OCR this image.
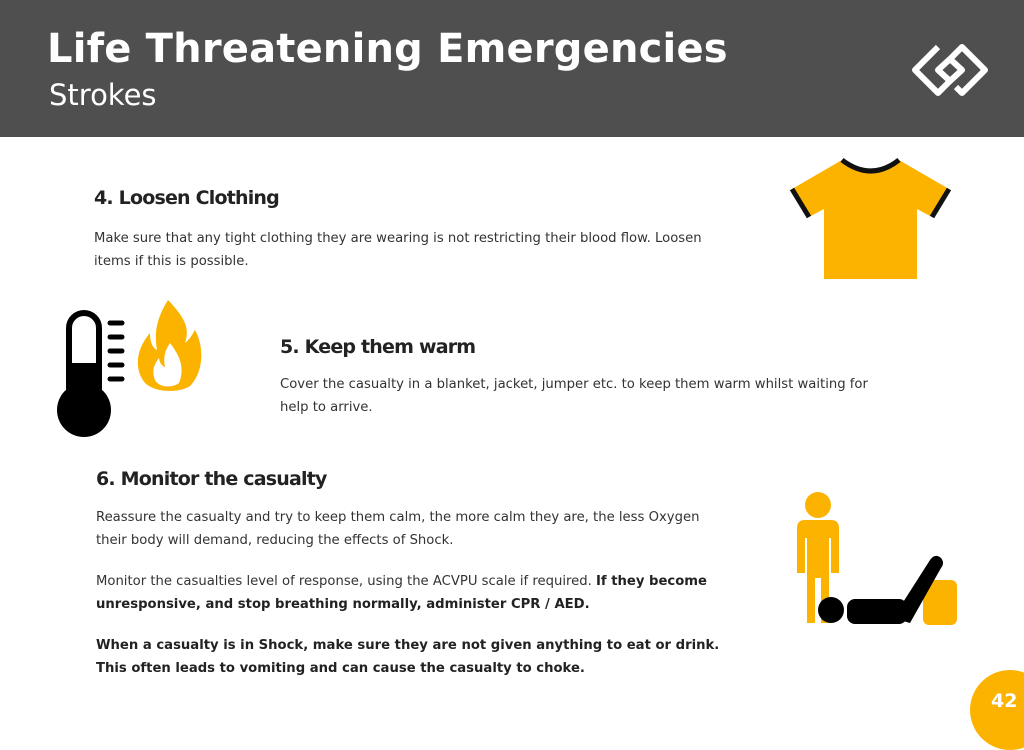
Life Threatening Emergencies
Strokes
4. Loosen Clothing
Make sure that any tight clothing they are wearing is not restricting their blood flow. Loosen items if this is possible.
5. Keep them warm
Cover the casualty in a blanket, jacket, jumper etc. to keep them warm whilst waiting for help to arrive.
6. Monitor the casualty
Reassure the casualty and try to keep them calm, the more calm they are, the less Oxygen their body will demand, reducing the effects of Shock.
Monitor the casualties level of response, using the ACVPU scale if required. If they become unresponsive, and stop breathing normally, administer CPR / AED.
When a casualty is in Shock, make sure they are not given anything to eat or drink. This often leads to vomiting and can cause the casualty to choke.
42
